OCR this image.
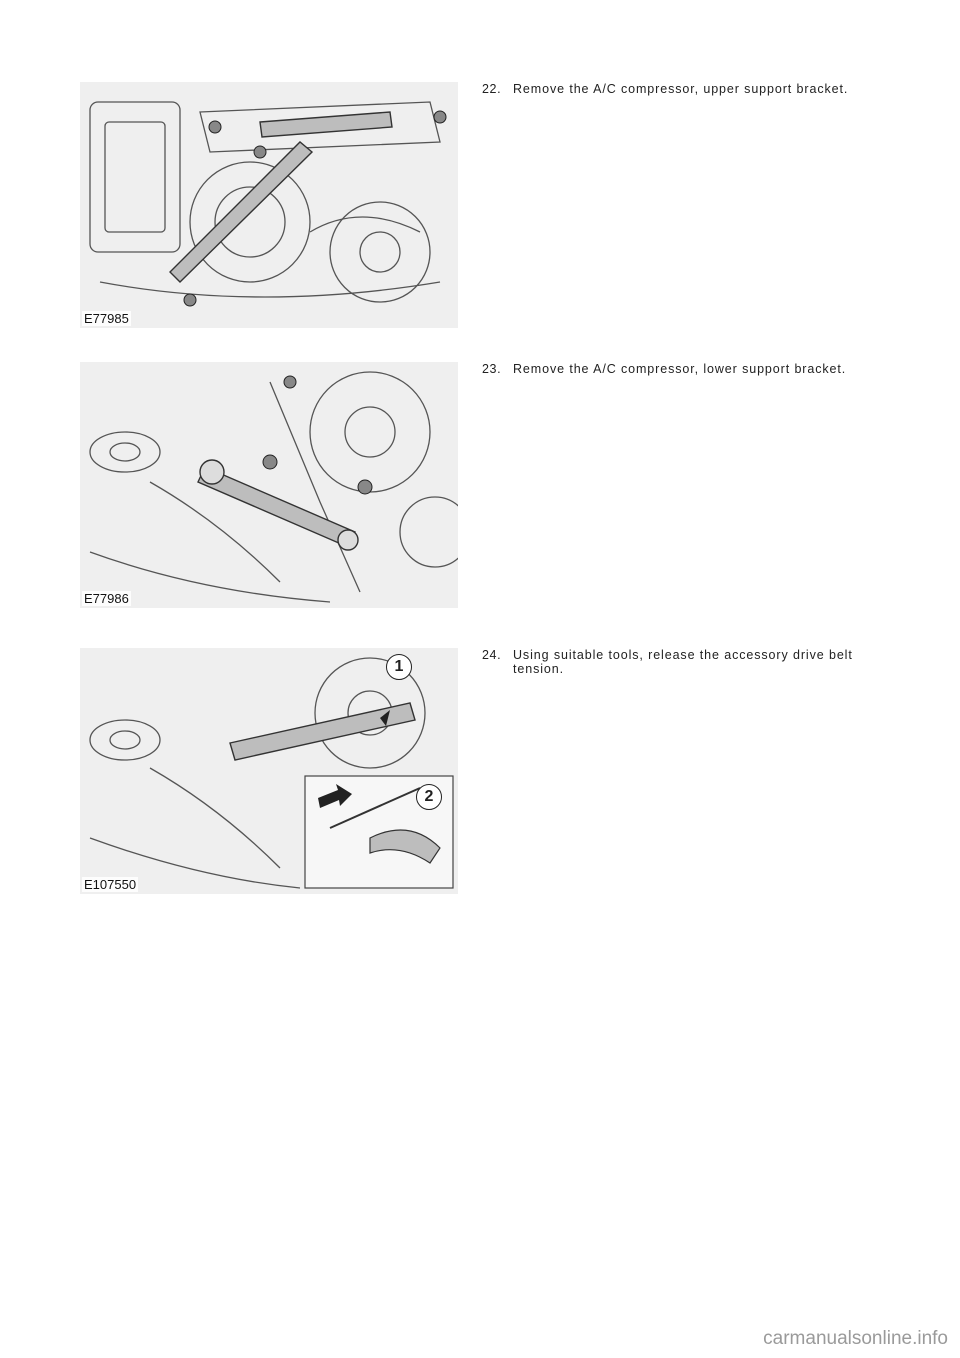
E77985
22. Remove the A/C compressor, upper support bracket.
E77986
23. Remove the A/C compressor, lower support bracket.
1
2
E107550
24. Using suitable tools, release the accessory drive belt tension.
carmanualsonline.info
